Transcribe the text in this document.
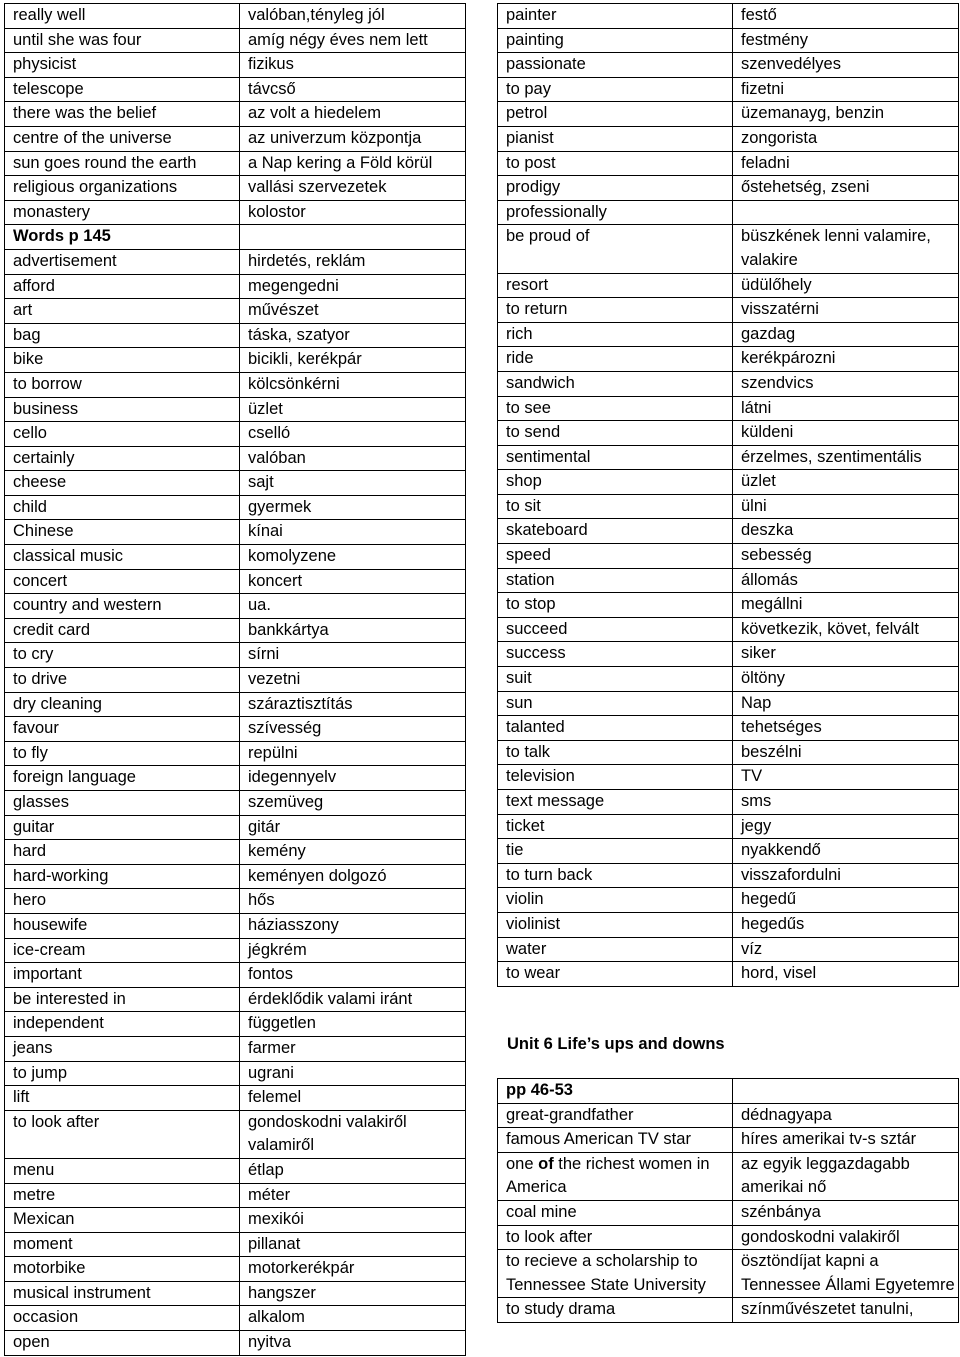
really well	valóban,tényleg jól
until she was four	amíg négy éves nem lett
physicist	fizikus
telescope	távcső
there was the belief	az volt a hiedelem
centre of the universe	az univerzum központja
sun goes round the earth	a Nap kering a Föld körül
religious organizations	vallási szervezetek
monastery	kolostor
Words p 145	
advertisement	hirdetés, reklám
afford	megengedni
art	művészet
bag	táska, szatyor
bike	bicikli, kerékpár
to borrow	kölcsönkérni
business	üzlet
cello	cselló
certainly	valóban
cheese	sajt
child	gyermek
Chinese	kínai
classical music	komolyzene
concert	koncert
country and western	ua.
credit card	bankkártya
to cry	sírni
to drive	vezetni
dry cleaning	száraztisztítás
favour	szívesség
to fly	repülni
foreign language	idegennyelv
glasses	szemüveg
guitar	gitár
hard	kemény
hard-working	keményen dolgozó
hero	hős
housewife	háziasszony
ice-cream	jégkrém
important	fontos
be interested in	érdeklődik valami iránt
independent	független
jeans	farmer
to jump	ugrani
lift	felemel
to look after	gondoskodni valakiről valamiről
menu	étlap
metre	méter
Mexican	mexikói
moment	pillanat
motorbike	motorkerékpár
musical instrument	hangszer
occasion	alkalom
open	nyitva
painter	festő
painting	festmény
passionate	szenvedélyes
to pay	fizetni
petrol	üzemanayg, benzin
pianist	zongorista
to post	feladni
prodigy	őstehetség, zseni
professionally	
be proud of	büszkének lenni valamire, valakire
resort	üdülőhely
to return	visszatérni
rich	gazdag
ride	kerékpározni
sandwich	szendvics
to see	látni
to send	küldeni
sentimental	érzelmes, szentimentális
shop	üzlet
to sit	ülni
skateboard	deszka
speed	sebesség
station	állomás
to stop	megállni
succeed	következik, követ, felvált
success	siker
suit	öltöny
sun	Nap
talanted	tehetséges
to talk	beszélni
television	TV
text message	sms
ticket	jegy
tie	nyakkendő
to turn back	visszafordulni
violin	hegedű
violinist	hegedűs
water	víz
to wear	hord, visel
Unit 6 Life’s ups and downs
pp 46-53	
great-grandfather	dédnagyapa
famous American TV star	híres amerikai tv-s sztár
one of the richest women in America	az egyik leggazdagabb amerikai nő
coal mine	szénbánya
to look after	gondoskodni valakiről
to recieve a scholarship to Tennessee State University	ösztöndíjat kapni a Tennessee Állami Egyetemre
to study drama	színművészetet tanulni,
